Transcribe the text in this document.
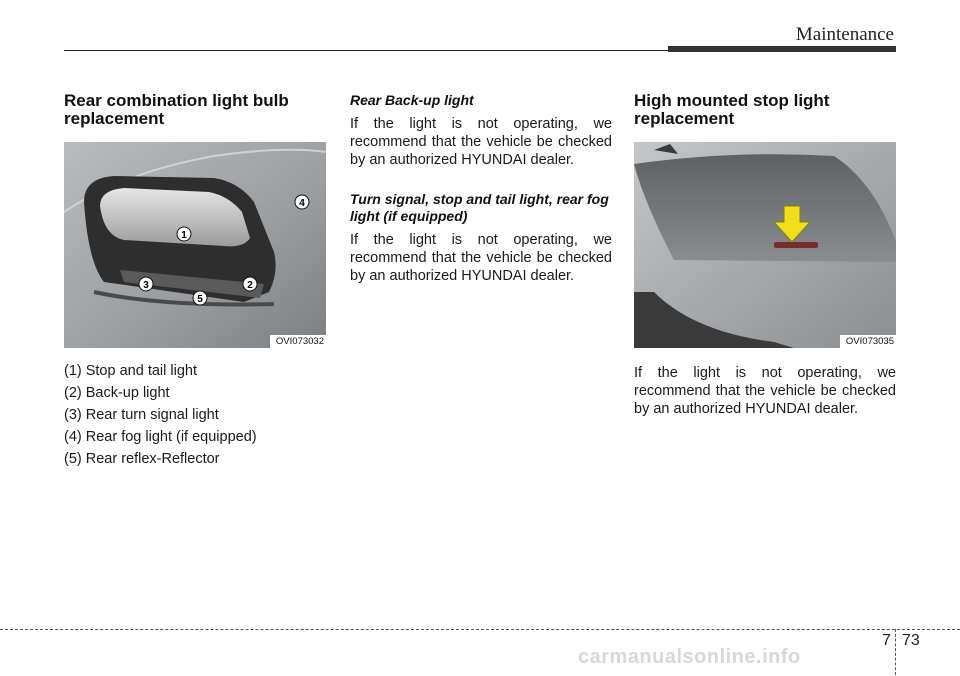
Maintenance
Rear combination light bulb replacement
1
2
3
4
5
OVI073032
(1) Stop and tail light
(2) Back-up light
(3) Rear turn signal light
(4) Rear fog light (if equipped)
(5) Rear reflex-Reflector
Rear Back-up light

If the light is not operating, we recommend that the vehicle be checked by an authorized HYUNDAI dealer.

Turn signal, stop and tail light, rear fog light (if equipped)

If the light is not operating, we recommend that the vehicle be checked by an authorized HYUNDAI dealer.

High mounted stop light replacement
OVI073035

If the light is not operating, we recommend that the vehicle be checked by an authorized HYUNDAI dealer.

7 73
carmanualsonline.info
